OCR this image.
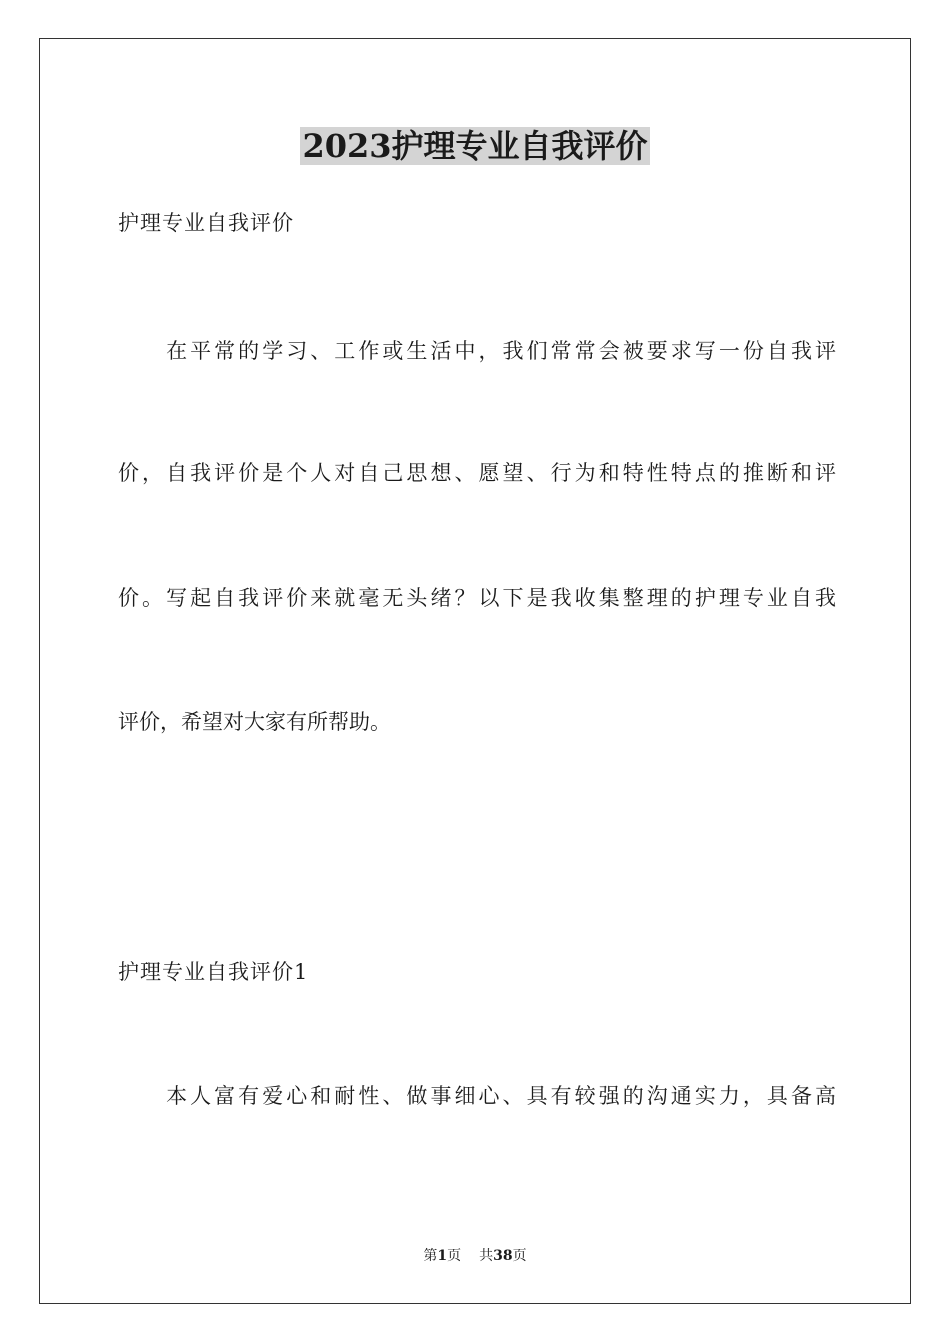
2023护理专业自我评价
护理专业自我评价
　　在平常的学习、工作或生活中，我们常常会被要求写一份自我评
价，自我评价是个人对自己思想、愿望、行为和特性特点的推断和评
价。写起自我评价来就毫无头绪？以下是我收集整理的护理专业自我
评价，希望对大家有所帮助。
护理专业自我评价1
　　本人富有爱心和耐性、做事细心、具有较强的沟通实力，具备高
第1页 共38页
